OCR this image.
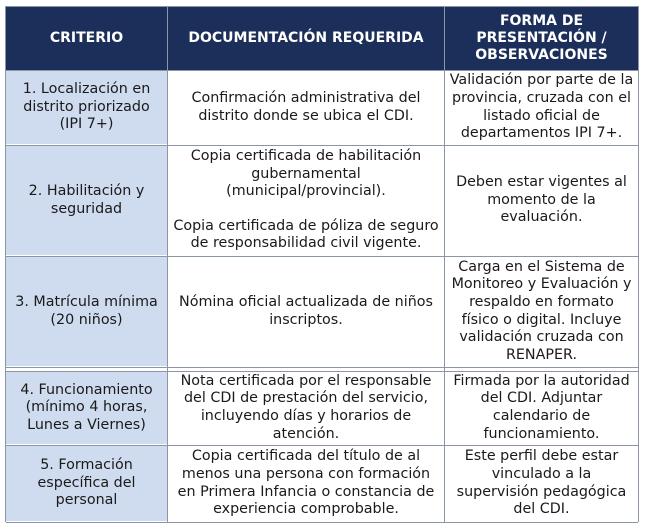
CRITERIO	DOCUMENTACIÓN REQUERIDA
FORMA DE
PRESENTACIÓN /
OBSERVACIONES
1. Localización en distrito priorizado (IPI 7+)
Confirmación administrativa del distrito donde se ubica el CDI.
Validación por parte de la provincia, cruzada con el listado oficial de departamentos IPI 7+.
2. Habilitación y seguridad
Copia certificada de habilitación gubernamental (municipal/provincial).
Copia certificada de póliza de seguro de responsabilidad civil vigente.
Deben estar vigentes al momento de la evaluación.
3. Matrícula mínima (20 niños)
Nómina oficial actualizada de niños inscriptos.
Carga en el Sistema de Monitoreo y Evaluación y respaldo en formato físico o digital. Incluye validación cruzada con RENAPER.
4. Funcionamiento (mínimo 4 horas, Lunes a Viernes)
Nota certificada por el responsable del CDI de prestación del servicio, incluyendo días y horarios de atención.
Firmada por la autoridad del CDI. Adjuntar calendario de funcionamiento.
5. Formación específica del personal
Copia certificada del título de al menos una persona con formación en Primera Infancia o constancia de experiencia comprobable.
Este perfil debe estar vinculado a la supervisión pedagógica del CDI.
